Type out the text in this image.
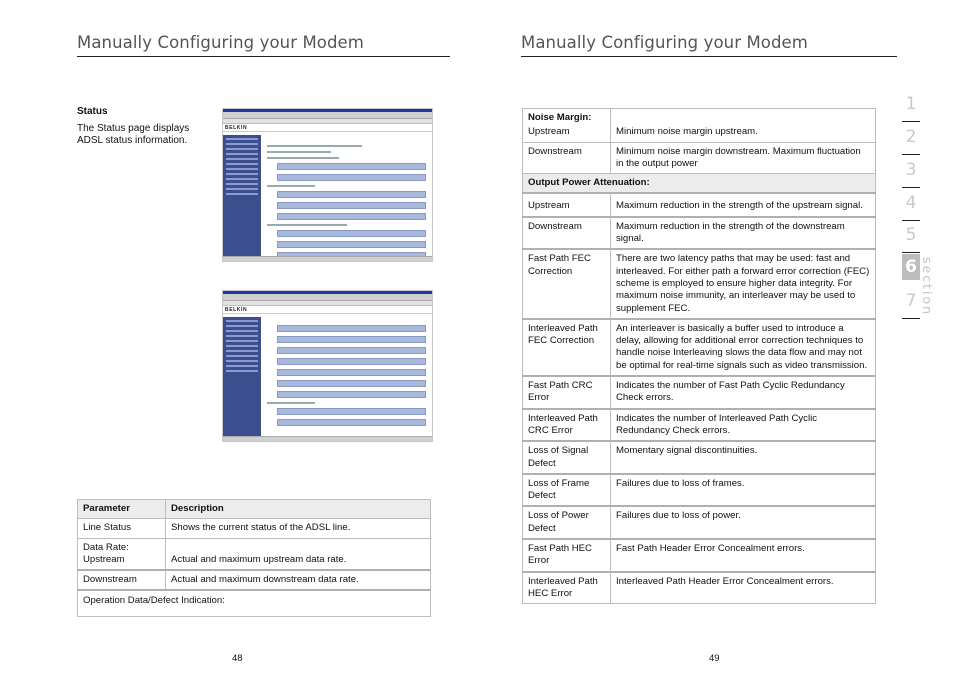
Manually Configuring your Modem
Status
The Status page displays ADSL status information.
BELKIN
BELKIN
Parameter	Description
Line Status	Shows the current status of the ADSL line.
Data Rate:
Upstream	Actual and maximum upstream data rate.
Downstream	Actual and maximum downstream data rate.
Operation Data/Defect Indication:	
48
Manually Configuring your Modem
Noise Margin:
Upstream	Minimum noise margin upstream.
Downstream	Minimum noise margin downstream. Maximum fluctuation in the output power
Output Power Attenuation:	
Upstream	Maximum reduction in the strength of the upstream signal.
Downstream	Maximum reduction in the strength of the downstream signal.
Fast Path FEC Correction	There are two latency paths that may be used: fast and interleaved. For either path a forward error correction (FEC) scheme is employed to ensure higher data integrity. For maximum noise immunity, an interleaver may be used to supplement FEC.
Interleaved Path FEC Correction	An interleaver is basically a buffer used to introduce a delay, allowing for additional error correction techniques to handle noise Interleaving slows the data flow and may not be optimal for real-time signals such as video transmission.
Fast Path CRC Error	Indicates the number of Fast Path Cyclic Redundancy Check errors.
Interleaved Path CRC Error	Indicates the number of Interleaved Path Cyclic Redundancy Check errors.
Loss of Signal Defect	Momentary signal discontinuities.
Loss of Frame Defect	Failures due to loss of frames.
Loss of Power Defect	Failures due to loss of power.
Fast Path HEC Error	Fast Path Header Error Concealment errors.
Interleaved Path HEC Error	Interleaved Path Header Error Concealment errors.
49
1
2
3
4
5
6
7 section
